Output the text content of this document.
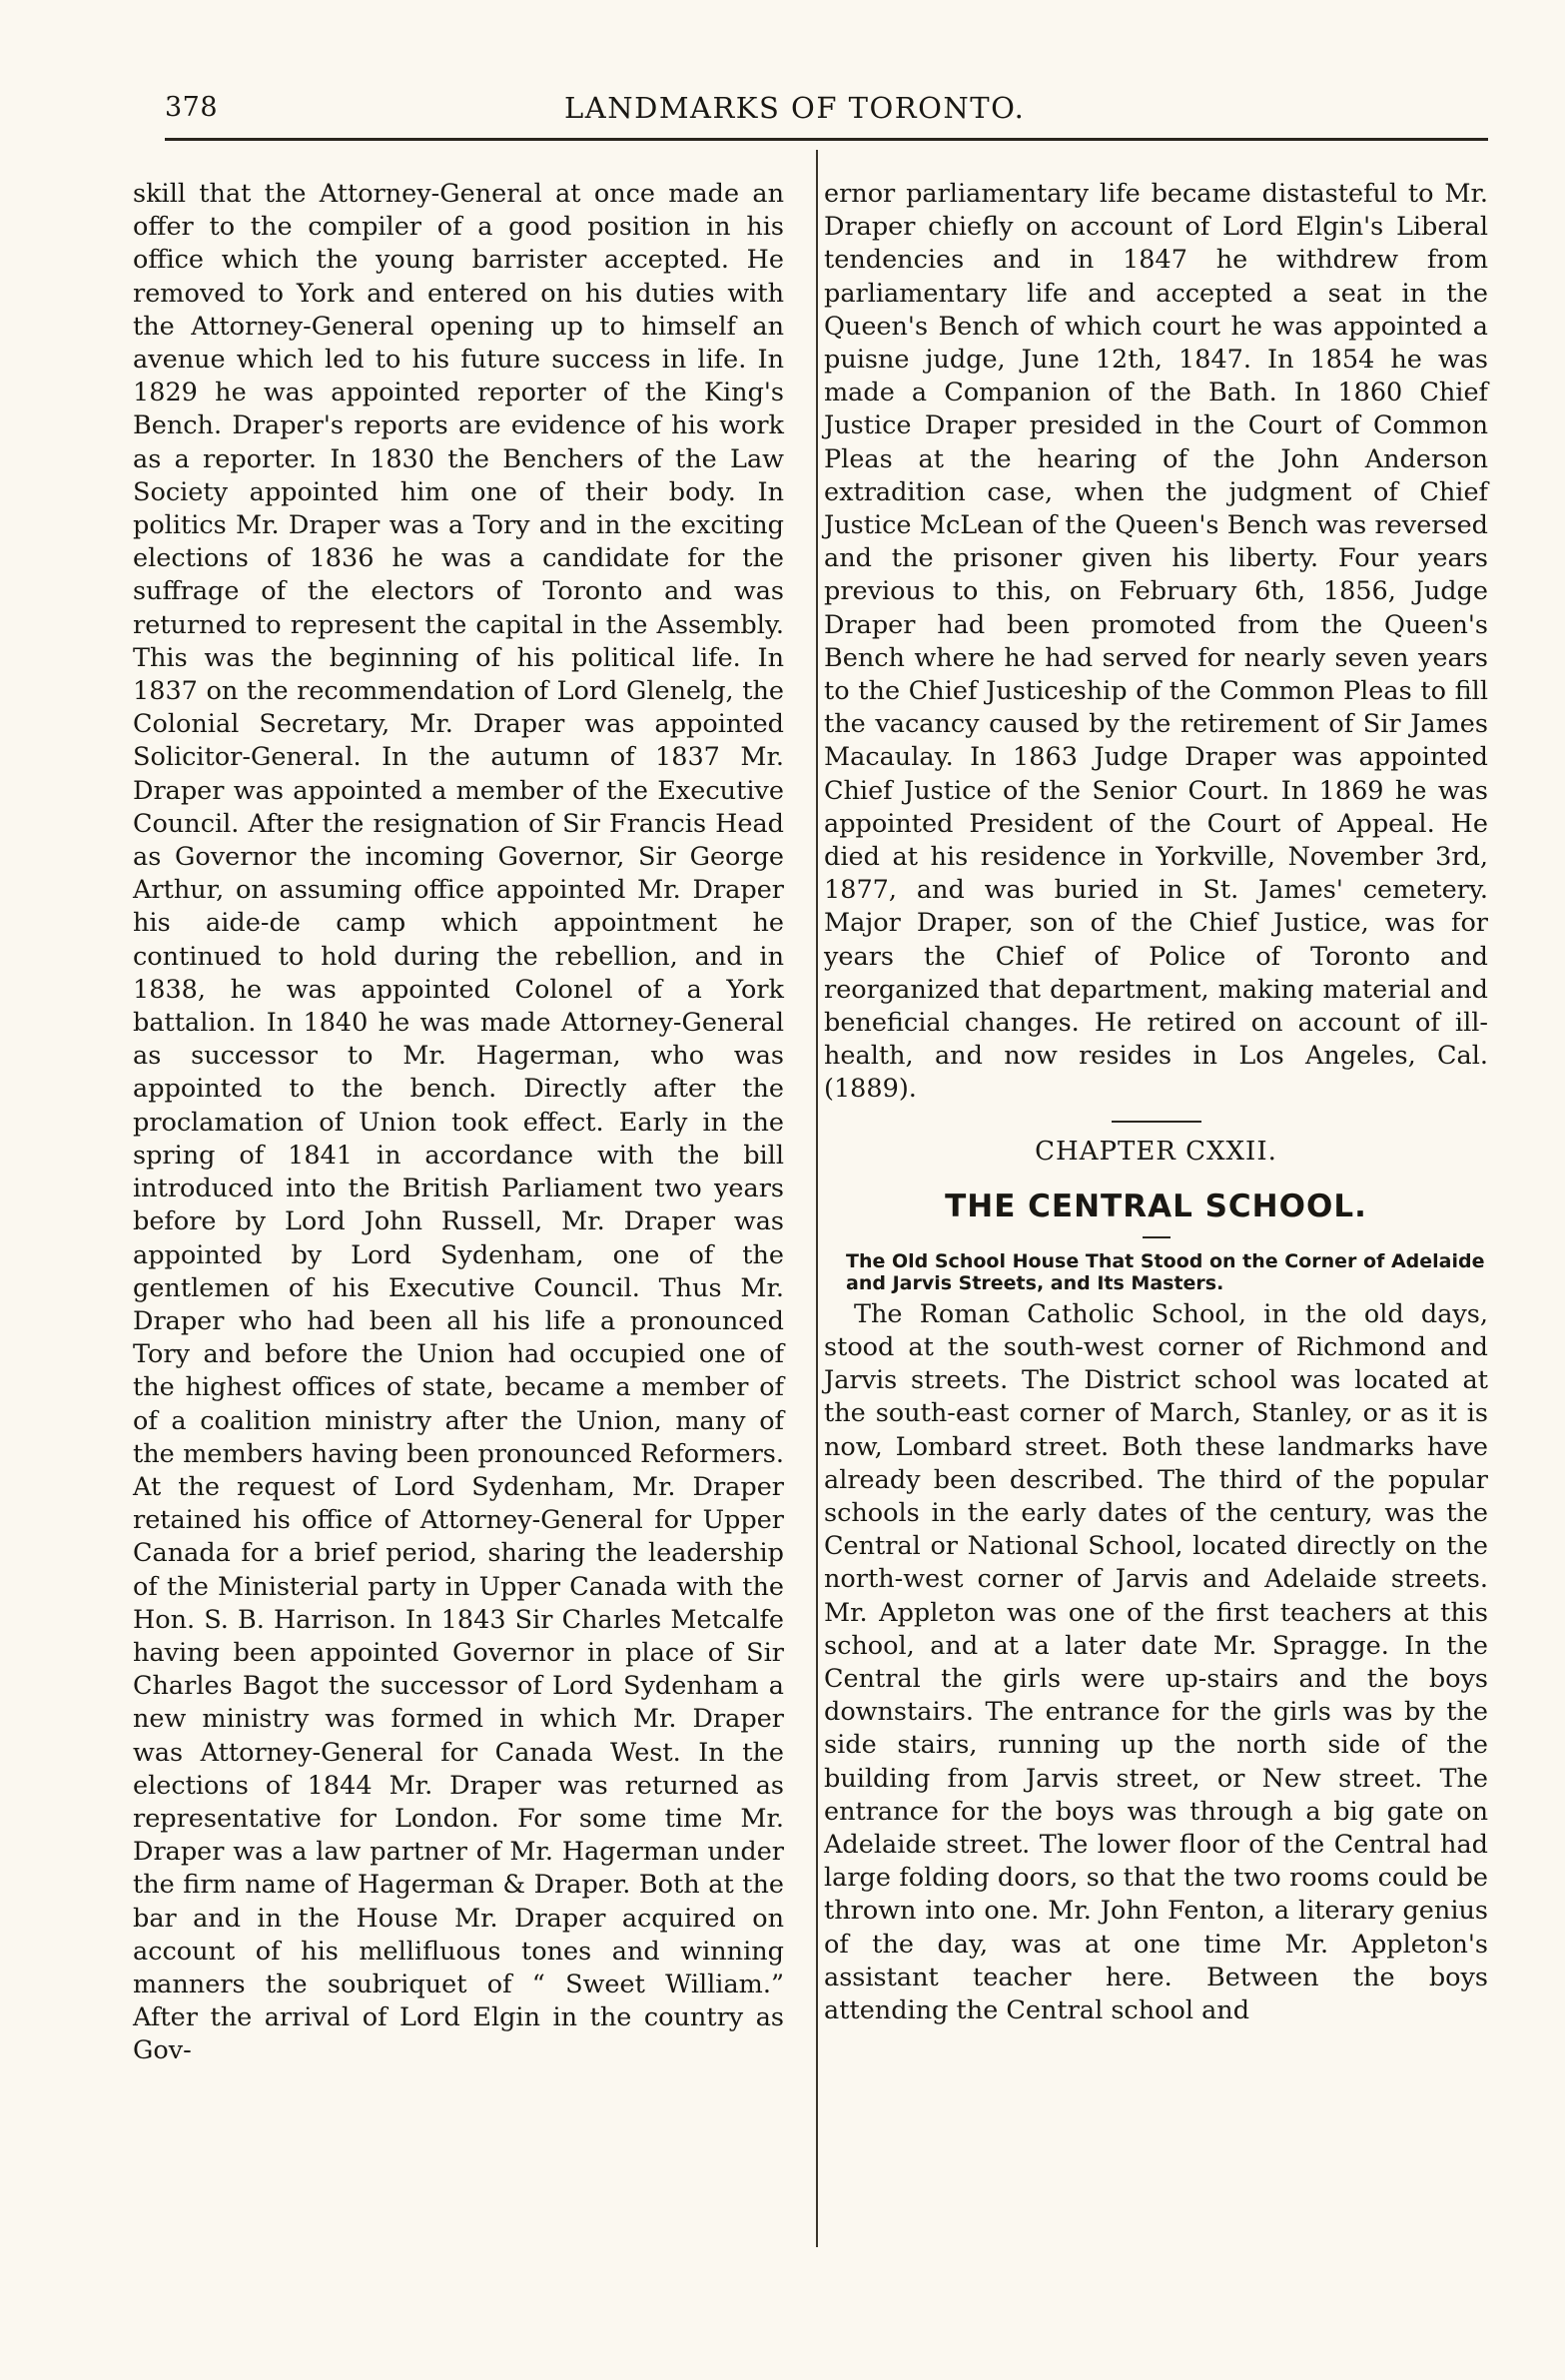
378	LANDMARKS OF TORONTO.

skill that the Attorney-General at once made an offer to the compiler of a good position in his office which the young barrister accepted. He removed to York and entered on his duties with the Attorney-General opening up to himself an avenue which led to his future success in life. In 1829 he was appointed reporter of the King's Bench. Draper's reports are evidence of his work as a reporter. In 1830 the Benchers of the Law Society appointed him one of their body. In politics Mr. Draper was a Tory and in the exciting elections of 1836 he was a candidate for the suffrage of the electors of Toronto and was returned to represent the capital in the Assembly. This was the beginning of his political life. In 1837 on the recommendation of Lord Glenelg, the Colonial Secretary, Mr. Draper was appointed Solicitor-General. In the autumn of 1837 Mr. Draper was appointed a member of the Executive Council. After the resignation of Sir Francis Head as Governor the incoming Governor, Sir George Arthur, on assuming office appointed Mr. Draper his aide-de camp which appointment he continued to hold during the rebellion, and in 1838, he was appointed Colonel of a York battalion. In 1840 he was made Attorney-General as successor to Mr. Hagerman, who was appointed to the bench. Directly after the proclamation of Union took effect. Early in the spring of 1841 in accordance with the bill introduced into the British Parliament two years before by Lord John Russell, Mr. Draper was appointed by Lord Sydenham, one of the gentlemen of his Executive Council. Thus Mr. Draper who had been all his life a pronounced Tory and before the Union had occupied one of the highest offices of state, became a member of of a coalition ministry after the Union, many of the members having been pronounced Reformers. At the request of Lord Sydenham, Mr. Draper retained his office of Attorney-General for Upper Canada for a brief period, sharing the leadership of the Ministerial party in Upper Canada with the Hon. S. B. Harrison. In 1843 Sir Charles Metcalfe having been appointed Governor in place of Sir Charles Bagot the successor of Lord Sydenham a new ministry was formed in which Mr. Draper was Attorney-General for Canada West. In the elections of 1844 Mr. Draper was returned as representative for London. For some time Mr. Draper was a law partner of Mr. Hagerman under the firm name of Hagerman & Draper. Both at the bar and in the House Mr. Draper acquired on account of his mellifluous tones and winning manners the soubriquet of “ Sweet William.” After the arrival of Lord Elgin in the country as Gov-

ernor parliamentary life became distasteful to Mr. Draper chiefly on account of Lord Elgin's Liberal tendencies and in 1847 he withdrew from parliamentary life and accepted a seat in the Queen's Bench of which court he was appointed a puisne judge, June 12th, 1847. In 1854 he was made a Companion of the Bath. In 1860 Chief Justice Draper presided in the Court of Common Pleas at the hearing of the John Anderson extradition case, when the judgment of Chief Justice McLean of the Queen's Bench was reversed and the prisoner given his liberty. Four years previous to this, on February 6th, 1856, Judge Draper had been promoted from the Queen's Bench where he had served for nearly seven years to the Chief Justiceship of the Common Pleas to fill the vacancy caused by the retirement of Sir James Macaulay. In 1863 Judge Draper was appointed Chief Justice of the Senior Court. In 1869 he was appointed President of the Court of Appeal. He died at his residence in Yorkville, November 3rd, 1877, and was buried in St. James' cemetery. Major Draper, son of the Chief Justice, was for years the Chief of Police of Toronto and reorganized that department, making material and beneficial changes. He retired on account of ill-health, and now resides in Los Angeles, Cal. (1889).

CHAPTER CXXII.
THE CENTRAL SCHOOL.
The Old School House That Stood on the Corner of Adelaide and Jarvis Streets, and Its Masters.

The Roman Catholic School, in the old days, stood at the south-west corner of Richmond and Jarvis streets. The District school was located at the south-east corner of March, Stanley, or as it is now, Lombard street. Both these landmarks have already been described. The third of the popular schools in the early dates of the century, was the Central or National School, located directly on the north-west corner of Jarvis and Adelaide streets. Mr. Appleton was one of the first teachers at this school, and at a later date Mr. Spragge. In the Central the girls were up-stairs and the boys downstairs. The entrance for the girls was by the side stairs, running up the north side of the building from Jarvis street, or New street. The entrance for the boys was through a big gate on Adelaide street. The lower floor of the Central had large folding doors, so that the two rooms could be thrown into one. Mr. John Fenton, a literary genius of the day, was at one time Mr. Appleton's assistant teacher here. Between the boys attending the Central school and
